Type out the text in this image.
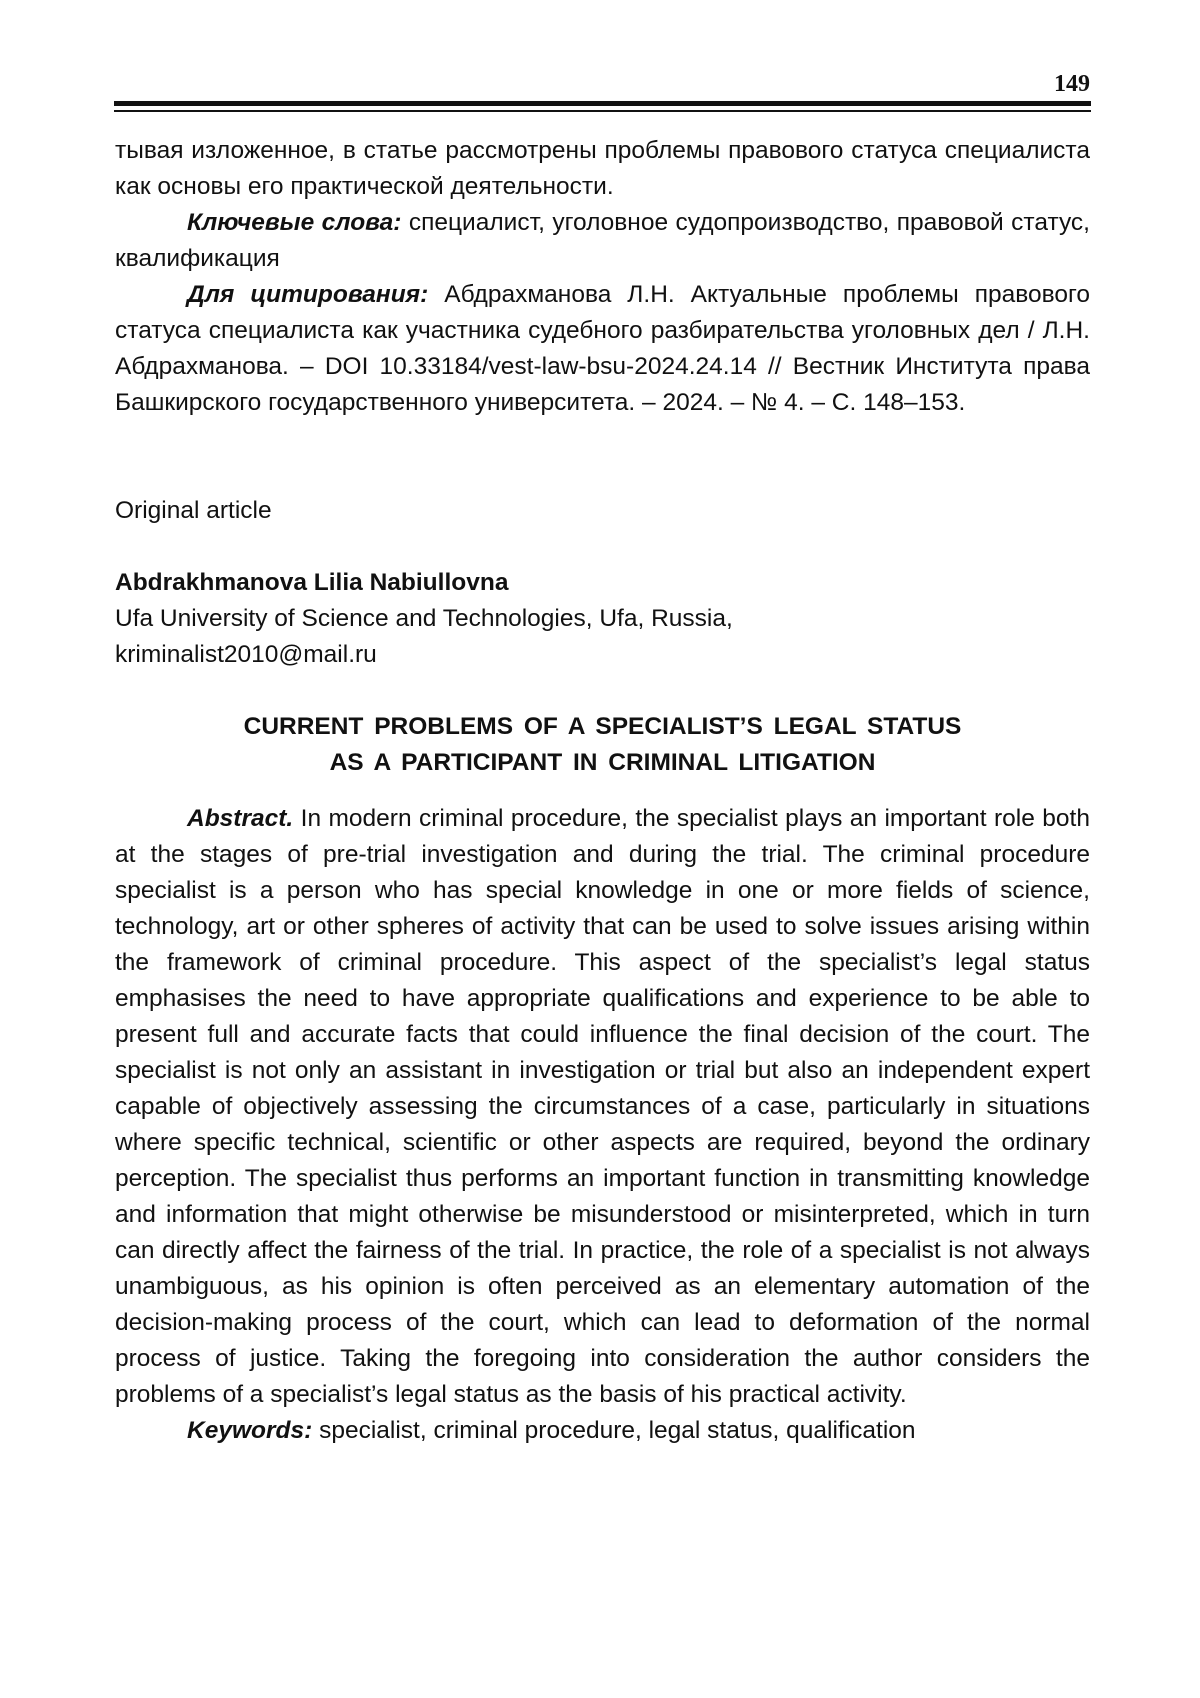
149

тывая изложенное, в статье рассмотрены проблемы правового статуса специалиста как основы его практической деятельности.

Ключевые слова: специалист, уголовное судопроизводство, правовой статус, квалификация

Для цитирования: Абдрахманова Л.Н. Актуальные проблемы правового статуса специалиста как участника судебного разбирательства уголовных дел / Л.Н. Абдрахманова. – DOI 10.33184/vest-law-bsu-2024.24.14 // Вестник Института права Башкирского государственного университета. – 2024. – № 4. – С. 148–153.

Original article

Abdrakhmanova Lilia Nabiullovna

Ufa University of Science and Technologies, Ufa, Russia,

kriminalist2010@mail.ru

CURRENT PROBLEMS OF A SPECIALIST’S LEGAL STATUS
AS A PARTICIPANT IN CRIMINAL LITIGATION

Abstract. In modern criminal procedure, the specialist plays an important role both at the stages of pre-trial investigation and during the trial. The criminal procedure specialist is a person who has special knowledge in one or more fields of science, technology, art or other spheres of activity that can be used to solve issues arising within the framework of criminal procedure. This aspect of the specialist’s legal status emphasises the need to have appropriate qualifications and experience to be able to present full and accurate facts that could influence the final decision of the court. The specialist is not only an assistant in investigation or trial but also an independent expert capable of objectively assessing the circumstances of a case, particularly in situations where specific technical, scientific or other aspects are required, beyond the ordinary perception. The specialist thus performs an important function in transmitting knowledge and information that might otherwise be misunderstood or misinterpreted, which in turn can directly affect the fairness of the trial. In practice, the role of a specialist is not always unambiguous, as his opinion is often perceived as an elementary automation of the decision-making process of the court, which can lead to deformation of the normal process of justice. Taking the foregoing into consideration the author considers the problems of a specialist’s legal status as the basis of his practical activity.

Keywords: specialist, criminal procedure, legal status, qualification
